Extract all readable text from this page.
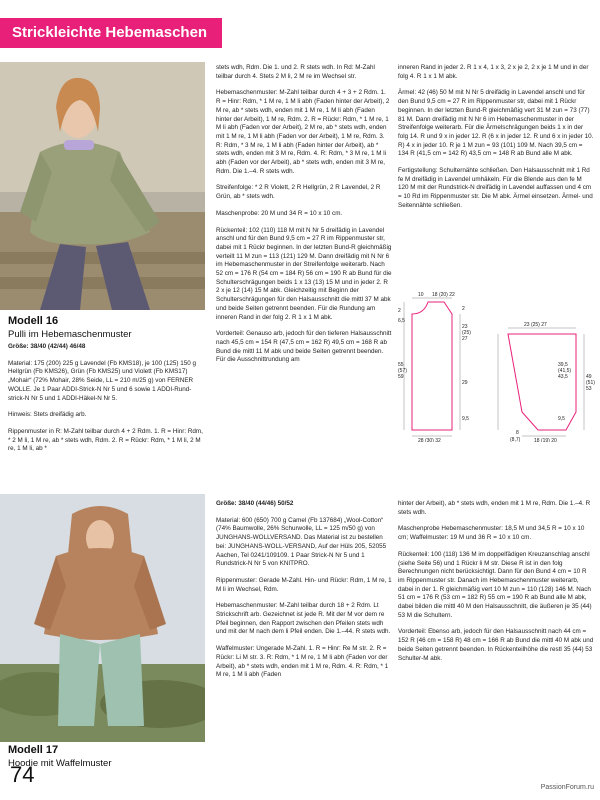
Strickleichte Hebemaschen
Modell 16
Pulli im Hebemaschenmuster

Größe: 38/40 (42/44) 46/48

Material: 175 (200) 225 g Lavendel (Fb KMS18), je 100 (125) 150 g Hellgrün (Fb KMS26), Grün (Fb KMS25) und Violett (Fb KMS17) „Mohair“ (72% Mohair, 28% Seide, LL = 210 m/25 g) von FERNER WOLLE. Je 1 Paar ADDI-Strick-N Nr 5 und 6 sowie 1 ADDI-Rund-strick-N Nr 5 und 1 ADDI-Häkel-N Nr 5.

Hinweis: Stets dreifädig arb.

Rippenmuster in R: M-Zahl teilbar durch 4 + 2 Rdm. 1. R = Hinr: Rdm, * 2 M li, 1 M re, ab * stets wdh, Rdm. 2. R = Rückr: Rdm, * 1 M li, 2 M re, 1 M li, ab *

stets wdh, Rdm. Die 1. und 2. R stets wdh. In Rd: M-Zahl teilbar durch 4. Stets 2 M li, 2 M re im Wechsel str.

Hebemaschenmuster: M-Zahl teilbar durch 4 + 3 + 2 Rdm. 1. R = Hinr: Rdm, * 1 M re, 1 M li abh (Faden hinter der Arbeit), 2 M re, ab * stets wdh, enden mit 1 M re, 1 M li abh (Faden hinter der Arbeit), 1 M re, Rdm. 2. R = Rückr: Rdm, * 1 M re, 1 M li abh (Faden vor der Arbeit), 2 M re, ab * stets wdh, enden mit 1 M re, 1 M li abh (Faden vor der Arbeit), 1 M re, Rdm. 3. R: Rdm, * 3 M re, 1 M li abh (Faden hinter der Arbeit), ab * stets wdh, enden mit 3 M re, Rdm. 4. R: Rdm, * 3 M re, 1 M li abh (Faden vor der Arbeit), ab * stets wdh, enden mit 3 M re, Rdm. Die 1.–4. R stets wdh.

Streifenfolge: * 2 R Violett, 2 R Hellgrün, 2 R Lavendel, 2 R Grün, ab * stets wdh.

Maschenprobe: 20 M und 34 R = 10 x 10 cm.

Rückenteil: 102 (110) 118 M mit N Nr 5 dreifädig in Lavendel anschl und für den Bund 9,5 cm = 27 R im Rippenmuster str, dabei mit 1 Rückr beginnen. In der letzten Bund-R gleichmäßig verteilt 11 M zun = 113 (121) 129 M. Dann dreifädig mit N Nr 6 im Hebemaschenmuster in der Streifenfolge weiterarb. Nach 52 cm = 176 R (54 cm = 184 R) 56 cm = 190 R ab Bund für die Schulterschrägungen beids 1 x 13 (13) 15 M und in jeder 2. R 2 x je 12 (14) 15 M abk. Gleichzeitig mit Beginn der Schulterschrägungen für den Halsausschnitt die mittl 37 M abk und beide Seiten getrennt beenden. Für die Rundung am inneren Rand in der folg 2. R 1 x 1 M abk.

Vorderteil: Genauso arb, jedoch für den tieferen Halsausschnitt nach 45,5 cm = 154 R (47,5 cm = 162 R) 49,5 cm = 168 R ab Bund die mittl 11 M abk und beide Seiten getrennt beenden. Für die Ausschnittrundung am

inneren Rand in jeder 2. R 1 x 4, 1 x 3, 2 x je 2, 2 x je 1 M und in der folg 4. R 1 x 1 M abk.

Ärmel: 42 (46) 50 M mit N Nr 5 dreifädig in Lavendel anschl und für den Bund 9,5 cm = 27 R im Rippenmuster str, dabei mit 1 Rückr beginnen. In der letzten Bund-R gleichmäßig vert 31 M zun = 73 (77) 81 M. Dann dreifädig mit N Nr 6 im Hebemaschenmuster in der Streifenfolge weiterarb. Für die Ärmelschrägungen beids 1 x in der folg 14. R und 9 x in jeder 12. R (6 x in jeder 12. R und 6 x in jeder 10. R) 4 x in jeder 10. R je 1 M zun = 93 (101) 109 M. Nach 39,5 cm = 134 R (41,5 cm = 142 R) 43,5 cm = 148 R ab Bund alle M abk.

Fertigstellung: Schulternähte schließen. Den Halsausschnitt mit 1 Rd fe M dreifädig in Lavendel umhäkeln. Für die Blende aus den fe M 120 M mit der Rundstrick-N dreifädig in Lavendel auffassen und 4 cm = 10 Rd im Rippenmuster str. Die M abk. Ärmel einsetzen. Ärmel- und Seitennähte schließen.

10 18 (20) 22
2
6,5
2
23 (25) 27
55 (57) 59
29
9,5
28 (30) 32
23 (25) 27
39,5 (41,5) 43,5	49 (51) 53
9,5
8
(8,7)	18 (19) 20
Modell 17
Hoodie mit Waffelmuster

Größe: 38/40 (44/46) 50/52

Material: 600 (650) 700 g Camel (Fb 137684) „Wool-Cotton“ (74% Baumwolle, 26% Schurwolle, LL = 125 m/50 g) von JUNGHANS-WOLLVERSAND. Das Material ist zu bestellen bei: JUNGHANS-WOLL-VERSAND, Auf der Hüls 205, 52055 Aachen, Tel 0241/109109. 1 Paar Strick-N Nr 5 und 1 Rundstrick-N Nr 5 von KNITPRO.

Rippenmuster: Gerade M-Zahl. Hin- und Rückr: Rdm, 1 M re, 1 M li im Wechsel, Rdm.

Hebemaschenmuster: M-Zahl teilbar durch 18 + 2 Rdm. Lt Strickschrift arb. Gezeichnet ist jede R. Mit der M vor dem re Pfeil beginnen, den Rapport zwischen den Pfeilen stets wdh und mit der M nach dem li Pfeil enden. Die 1.–44. R stets wdh.

Waffelmuster: Ungerade M-Zahl. 1. R = Hinr: Re M str. 2. R = Rückr: Li M str. 3. R: Rdm, * 1 M re, 1 M li abh (Faden vor der Arbeit), ab * stets wdh, enden mit 1 M re, Rdm. 4. R: Rdm, * 1 M re, 1 M li abh (Faden

hinter der Arbeit), ab * stets wdh, enden mit 1 M re, Rdm. Die 1.–4. R stets wdh.

Maschenprobe Hebemaschenmuster: 18,5 M und 34,5 R = 10 x 10 cm; Waffelmuster: 19 M und 36 R = 10 x 10 cm.

Rückenteil: 100 (118) 136 M im doppelfädigen Kreuzanschlag anschl (siehe Seite 56) und 1 Rückr li M str. Diese R ist in den folg Berechnungen nicht berücksichtigt. Dann für den Bund 4 cm = 10 R im Rippenmuster str. Danach im Hebemaschenmuster weiterarb, dabei in der 1. R gleichmäßig vert 10 M zun = 110 (128) 146 M. Nach 51 cm = 176 R (53 cm = 182 R) 55 cm = 190 R ab Bund alle M abk, dabei bilden die mittl 40 M den Halsausschnitt, die äußeren je 35 (44) 53 M die Schultern.

Vorderteil: Ebenso arb, jedoch für den Halsausschnitt nach 44 cm = 152 R (46 cm = 158 R) 48 cm = 166 R ab Bund die mittl 40 M abk und beide Seiten getrennt beenden. In Rückenteilhöhe die restl 35 (44) 53 Schulter-M abk.

74
PassionForum.ru
